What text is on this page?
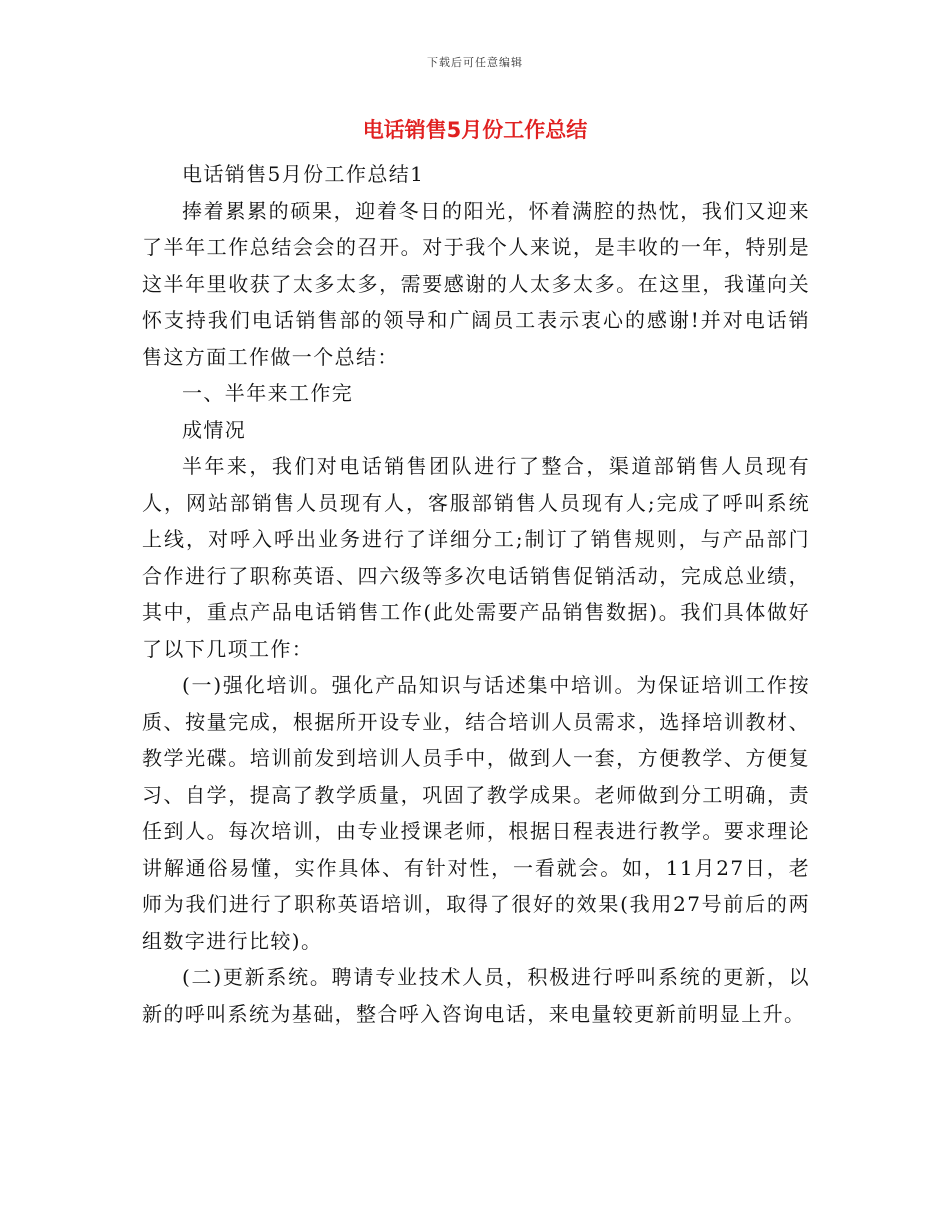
下载后可任意编辑
电话销售5月份工作总结

电话销售5月份工作总结1

捧着累累的硕果，迎着冬日的阳光，怀着满腔的热忱，我们又迎来了半年工作总结会会的召开。对于我个人来说，是丰收的一年，特别是这半年里收获了太多太多，需要感谢的人太多太多。在这里，我谨向关怀支持我们电话销售部的领导和广阔员工表示衷心的感谢!并对电话销售这方面工作做一个总结：

一、半年来工作完

成情况

半年来，我们对电话销售团队进行了整合，渠道部销售人员现有人，网站部销售人员现有人，客服部销售人员现有人;完成了呼叫系统上线，对呼入呼出业务进行了详细分工;制订了销售规则，与产品部门合作进行了职称英语、四六级等多次电话销售促销活动，完成总业绩，其中，重点产品电话销售工作(此处需要产品销售数据)。我们具体做好了以下几项工作：

(一)强化培训。强化产品知识与话述集中培训。为保证培训工作按质、按量完成，根据所开设专业，结合培训人员需求，选择培训教材、教学光碟。培训前发到培训人员手中，做到人一套，方便教学、方便复习、自学，提高了教学质量，巩固了教学成果。老师做到分工明确，责任到人。每次培训，由专业授课老师，根据日程表进行教学。要求理论讲解通俗易懂，实作具体、有针对性，一看就会。如，11月27日，老师为我们进行了职称英语培训，取得了很好的效果(我用27号前后的两组数字进行比较)。

(二)更新系统。聘请专业技术人员，积极进行呼叫系统的更新，以新的呼叫系统为基础，整合呼入咨询电话，来电量较更新前明显上升。
